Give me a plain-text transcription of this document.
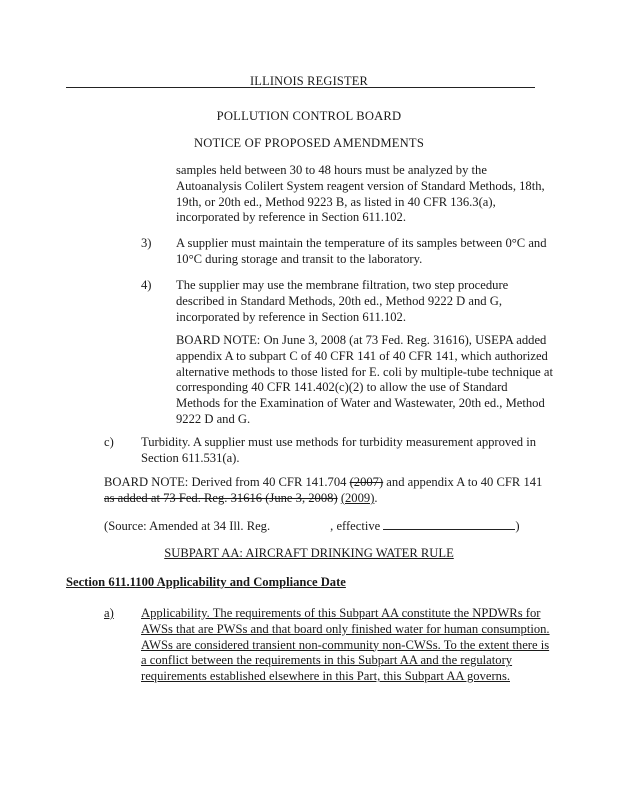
ILLINOIS REGISTER
POLLUTION CONTROL BOARD
NOTICE OF PROPOSED AMENDMENTS
samples held between 30 to 48 hours must be analyzed by the
Autoanalysis Colilert System reagent version of Standard Methods, 18th,
19th, or 20th ed., Method 9223 B, as listed in 40 CFR 136.3(a),
incorporated by reference in Section 611.102.
3) A supplier must maintain the temperature of its samples between 0°C and
10°C during storage and transit to the laboratory.
4) The supplier may use the membrane filtration, two step procedure
described in Standard Methods, 20th ed., Method 9222 D and G,
incorporated by reference in Section 611.102.
BOARD NOTE: On June 3, 2008 (at 73 Fed. Reg. 31616), USEPA added
appendix A to subpart C of 40 CFR 141 of 40 CFR 141, which authorized
alternative methods to those listed for E. coli by multiple-tube technique at
corresponding 40 CFR 141.402(c)(2) to allow the use of Standard
Methods for the Examination of Water and Wastewater, 20th ed., Method
9222 D and G.
c) Turbidity. A supplier must use methods for turbidity measurement approved in
Section 611.531(a).
BOARD NOTE: Derived from 40 CFR 141.704 (2007) and appendix A to 40 CFR 141
as added at 73 Fed. Reg. 31616 (June 3, 2008) (2009).
(Source: Amended at 34 Ill. Reg.	, effective	)
SUBPART AA: AIRCRAFT DRINKING WATER RULE
Section 611.1100 Applicability and Compliance Date
a) Applicability. The requirements of this Subpart AA constitute the NPDWRs for
AWSs that are PWSs and that board only finished water for human consumption.
AWSs are considered transient non-community non-CWSs. To the extent there is
a conflict between the requirements in this Subpart AA and the regulatory
requirements established elsewhere in this Part, this Subpart AA governs.
